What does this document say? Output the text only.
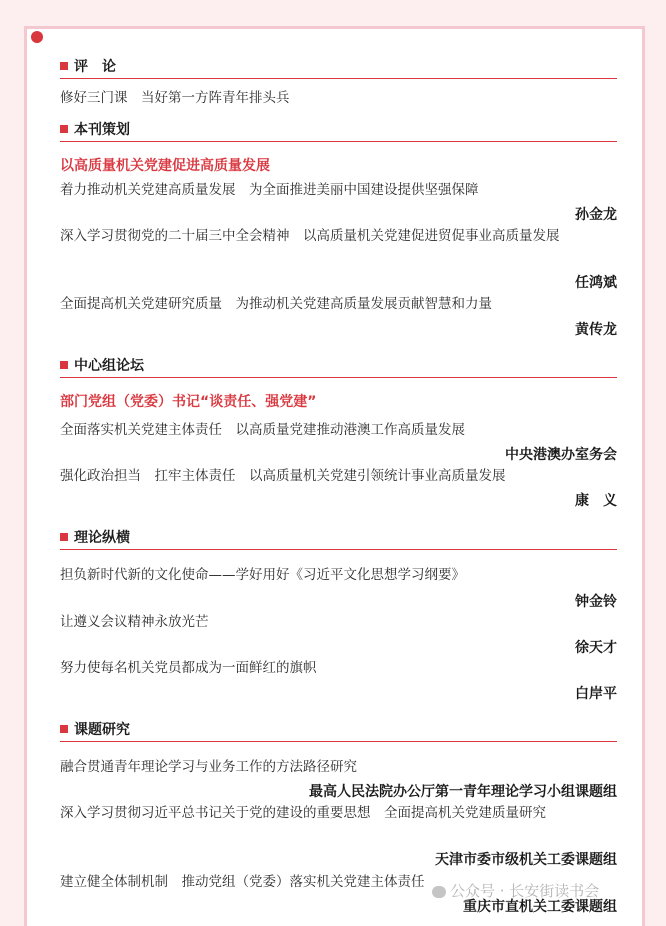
评　论
修好三门课　当好第一方阵青年排头兵
本刊策划
以高质量机关党建促进高质量发展
着力推动机关党建高质量发展　为全面推进美丽中国建设提供坚强保障
孙金龙
深入学习贯彻党的二十届三中全会精神　以高质量机关党建促进贸促事业高质量发展
任鸿斌
全面提高机关党建研究质量　为推动机关党建高质量发展贡献智慧和力量
黄传龙
中心组论坛
部门党组（党委）书记“谈责任、强党建”
全面落实机关党建主体责任　以高质量党建推动港澳工作高质量发展
中央港澳办室务会
强化政治担当　扛牢主体责任　以高质量机关党建引领统计事业高质量发展
康　义
理论纵横
担负新时代新的文化使命——学好用好《习近平文化思想学习纲要》
钟金铃
让遵义会议精神永放光芒
徐天才
努力使每名机关党员都成为一面鲜红的旗帜
白岸平
课题研究
融合贯通青年理论学习与业务工作的方法路径研究
最高人民法院办公厅第一青年理论学习小组课题组
深入学习贯彻习近平总书记关于党的建设的重要思想　全面提高机关党建质量研究
天津市委市级机关工委课题组
建立健全体制机制　推动党组（党委）落实机关党建主体责任
重庆市直机关工委课题组
公众号 · 长安街读书会
